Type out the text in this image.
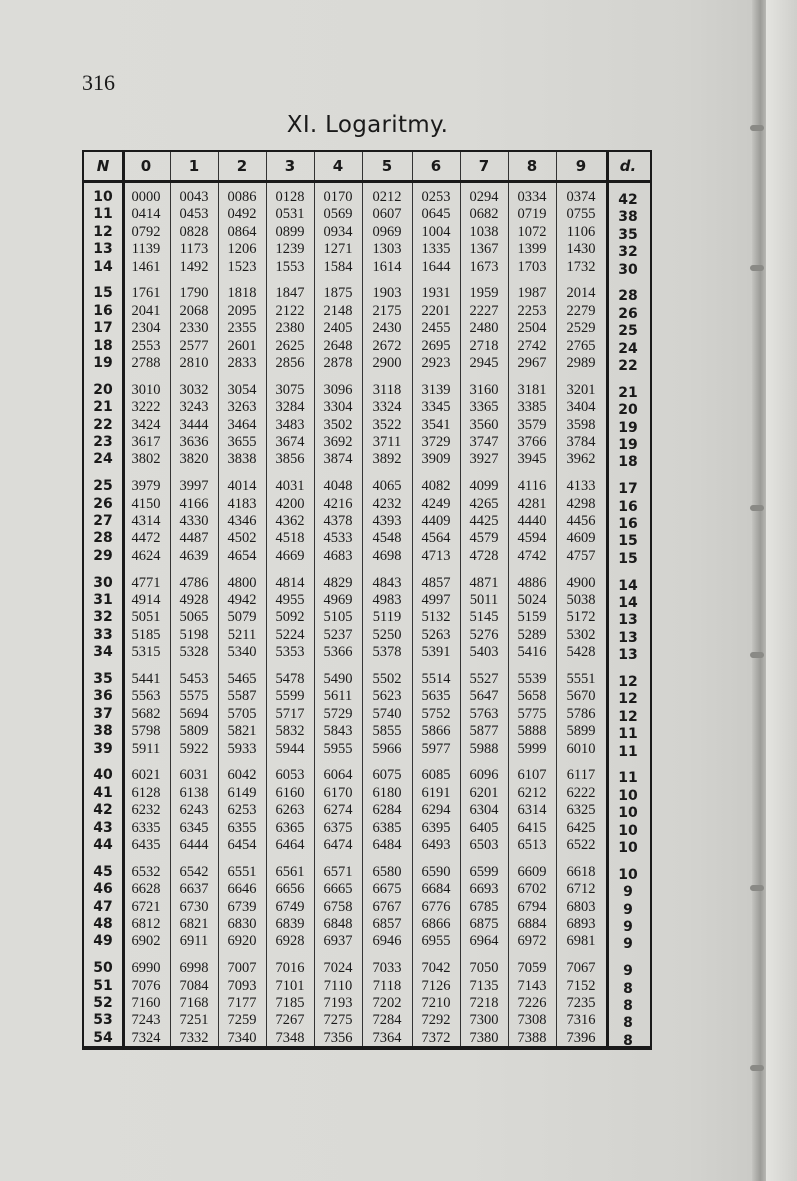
316
XI. Logaritmy.
N	0	1	2	3	4	5	6	7	8	9	d.
10	0000	0043	0086	0128	0170	0212	0253	0294	0334	0374	42
11	0414	0453	0492	0531	0569	0607	0645	0682	0719	0755	38
12	0792	0828	0864	0899	0934	0969	1004	1038	1072	1106	35
13	1139	1173	1206	1239	1271	1303	1335	1367	1399	1430	32
14	1461	1492	1523	1553	1584	1614	1644	1673	1703	1732	30
15	1761	1790	1818	1847	1875	1903	1931	1959	1987	2014	28
16	2041	2068	2095	2122	2148	2175	2201	2227	2253	2279	26
17	2304	2330	2355	2380	2405	2430	2455	2480	2504	2529	25
18	2553	2577	2601	2625	2648	2672	2695	2718	2742	2765	24
19	2788	2810	2833	2856	2878	2900	2923	2945	2967	2989	22
20	3010	3032	3054	3075	3096	3118	3139	3160	3181	3201	21
21	3222	3243	3263	3284	3304	3324	3345	3365	3385	3404	20
22	3424	3444	3464	3483	3502	3522	3541	3560	3579	3598	19
23	3617	3636	3655	3674	3692	3711	3729	3747	3766	3784	19
24	3802	3820	3838	3856	3874	3892	3909	3927	3945	3962	18
25	3979	3997	4014	4031	4048	4065	4082	4099	4116	4133	17
26	4150	4166	4183	4200	4216	4232	4249	4265	4281	4298	16
27	4314	4330	4346	4362	4378	4393	4409	4425	4440	4456	16
28	4472	4487	4502	4518	4533	4548	4564	4579	4594	4609	15
29	4624	4639	4654	4669	4683	4698	4713	4728	4742	4757	15
30	4771	4786	4800	4814	4829	4843	4857	4871	4886	4900	14
31	4914	4928	4942	4955	4969	4983	4997	5011	5024	5038	14
32	5051	5065	5079	5092	5105	5119	5132	5145	5159	5172	13
33	5185	5198	5211	5224	5237	5250	5263	5276	5289	5302	13
34	5315	5328	5340	5353	5366	5378	5391	5403	5416	5428	13
35	5441	5453	5465	5478	5490	5502	5514	5527	5539	5551	12
36	5563	5575	5587	5599	5611	5623	5635	5647	5658	5670	12
37	5682	5694	5705	5717	5729	5740	5752	5763	5775	5786	12
38	5798	5809	5821	5832	5843	5855	5866	5877	5888	5899	11
39	5911	5922	5933	5944	5955	5966	5977	5988	5999	6010	11
40	6021	6031	6042	6053	6064	6075	6085	6096	6107	6117	11
41	6128	6138	6149	6160	6170	6180	6191	6201	6212	6222	10
42	6232	6243	6253	6263	6274	6284	6294	6304	6314	6325	10
43	6335	6345	6355	6365	6375	6385	6395	6405	6415	6425	10
44	6435	6444	6454	6464	6474	6484	6493	6503	6513	6522	10
45	6532	6542	6551	6561	6571	6580	6590	6599	6609	6618	10
46	6628	6637	6646	6656	6665	6675	6684	6693	6702	6712	9
47	6721	6730	6739	6749	6758	6767	6776	6785	6794	6803	9
48	6812	6821	6830	6839	6848	6857	6866	6875	6884	6893	9
49	6902	6911	6920	6928	6937	6946	6955	6964	6972	6981	9
50	6990	6998	7007	7016	7024	7033	7042	7050	7059	7067	9
51	7076	7084	7093	7101	7110	7118	7126	7135	7143	7152	8
52	7160	7168	7177	7185	7193	7202	7210	7218	7226	7235	8
53	7243	7251	7259	7267	7275	7284	7292	7300	7308	7316	8
54	7324	7332	7340	7348	7356	7364	7372	7380	7388	7396	8
